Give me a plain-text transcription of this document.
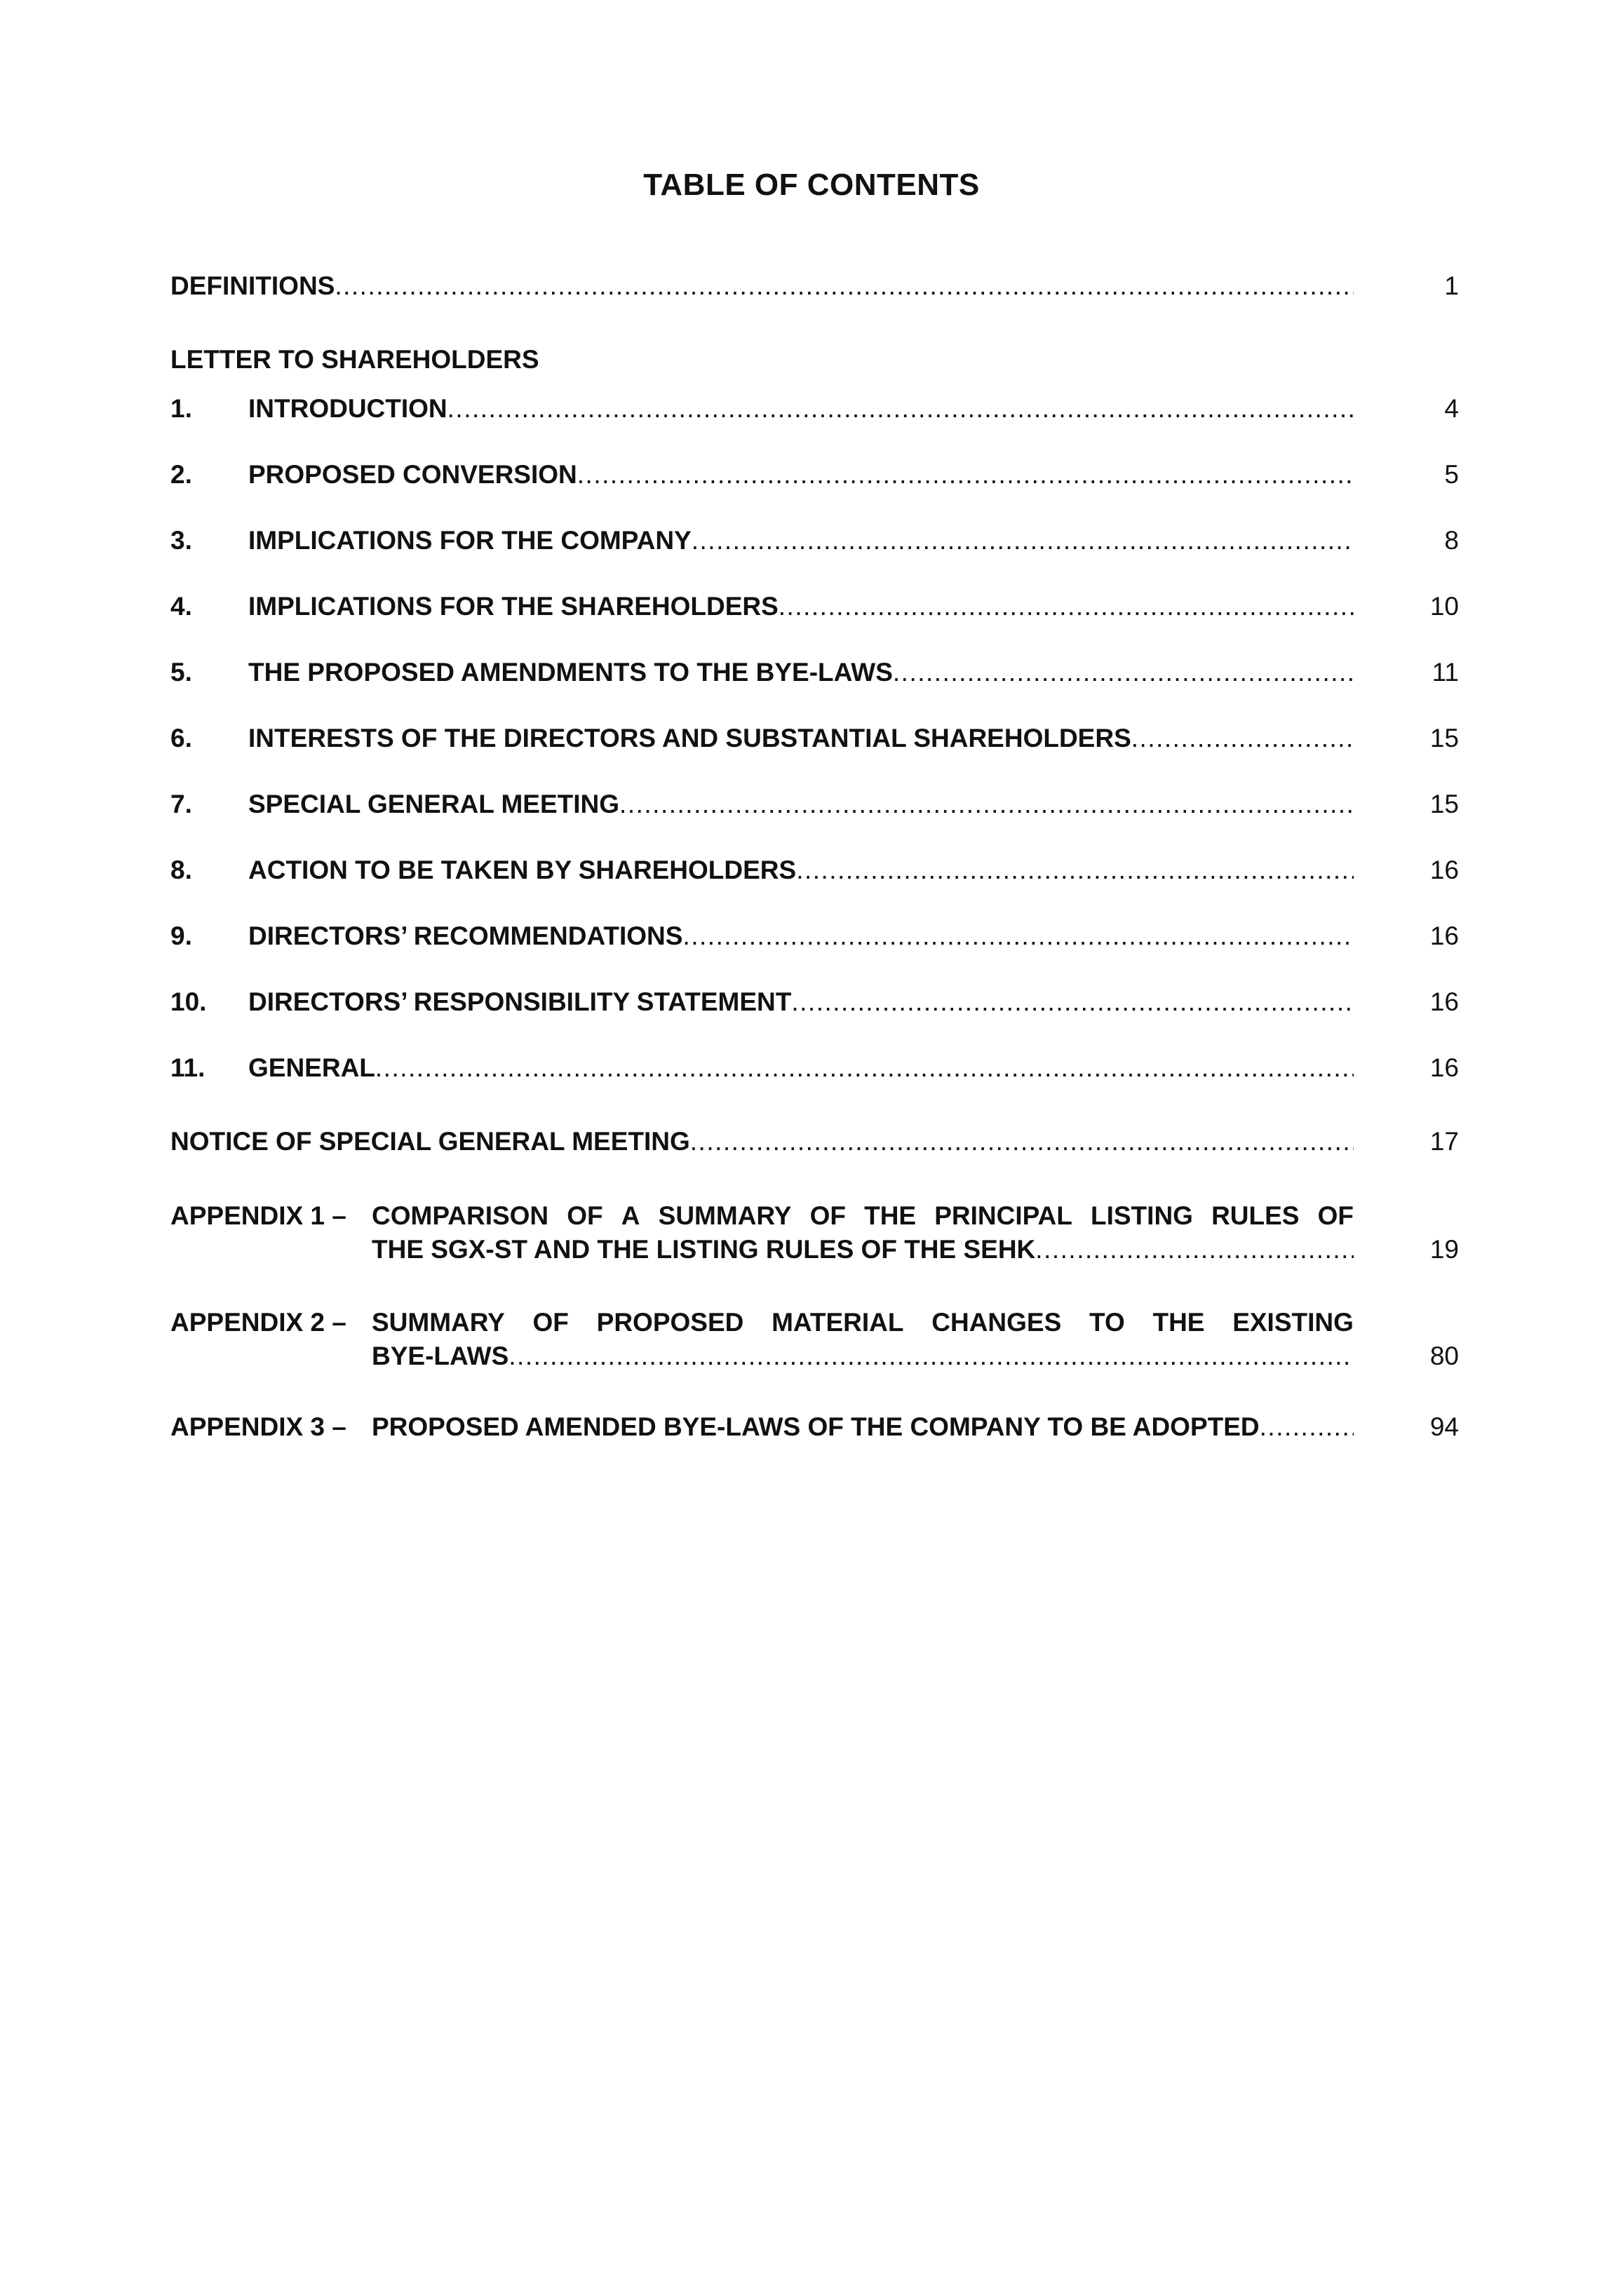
TABLE OF CONTENTS
DEFINITIONS .....	1
LETTER TO SHAREHOLDERS
1. INTRODUCTION .....	4
2. PROPOSED CONVERSION .....	5
3. IMPLICATIONS FOR THE COMPANY .....	8
4. IMPLICATIONS FOR THE SHAREHOLDERS .....	10
5. THE PROPOSED AMENDMENTS TO THE BYE-LAWS .....	11
6. INTERESTS OF THE DIRECTORS AND SUBSTANTIAL SHAREHOLDERS .....	15
7. SPECIAL GENERAL MEETING .....	15
8. ACTION TO BE TAKEN BY SHAREHOLDERS .....	16
9. DIRECTORS’ RECOMMENDATIONS .....	16
10. DIRECTORS’ RESPONSIBILITY STATEMENT .....	16
11. GENERAL .....	16
NOTICE OF SPECIAL GENERAL MEETING .....	17
APPENDIX 1 – COMPARISON OF A SUMMARY OF THE PRINCIPAL LISTING RULES OF
THE SGX-ST AND THE LISTING RULES OF THE SEHK .....	19
APPENDIX 2 – SUMMARY OF PROPOSED MATERIAL CHANGES TO THE EXISTING
BYE-LAWS .....	80
APPENDIX 3 – PROPOSED AMENDED BYE-LAWS OF THE COMPANY TO BE ADOPTED .....	94
